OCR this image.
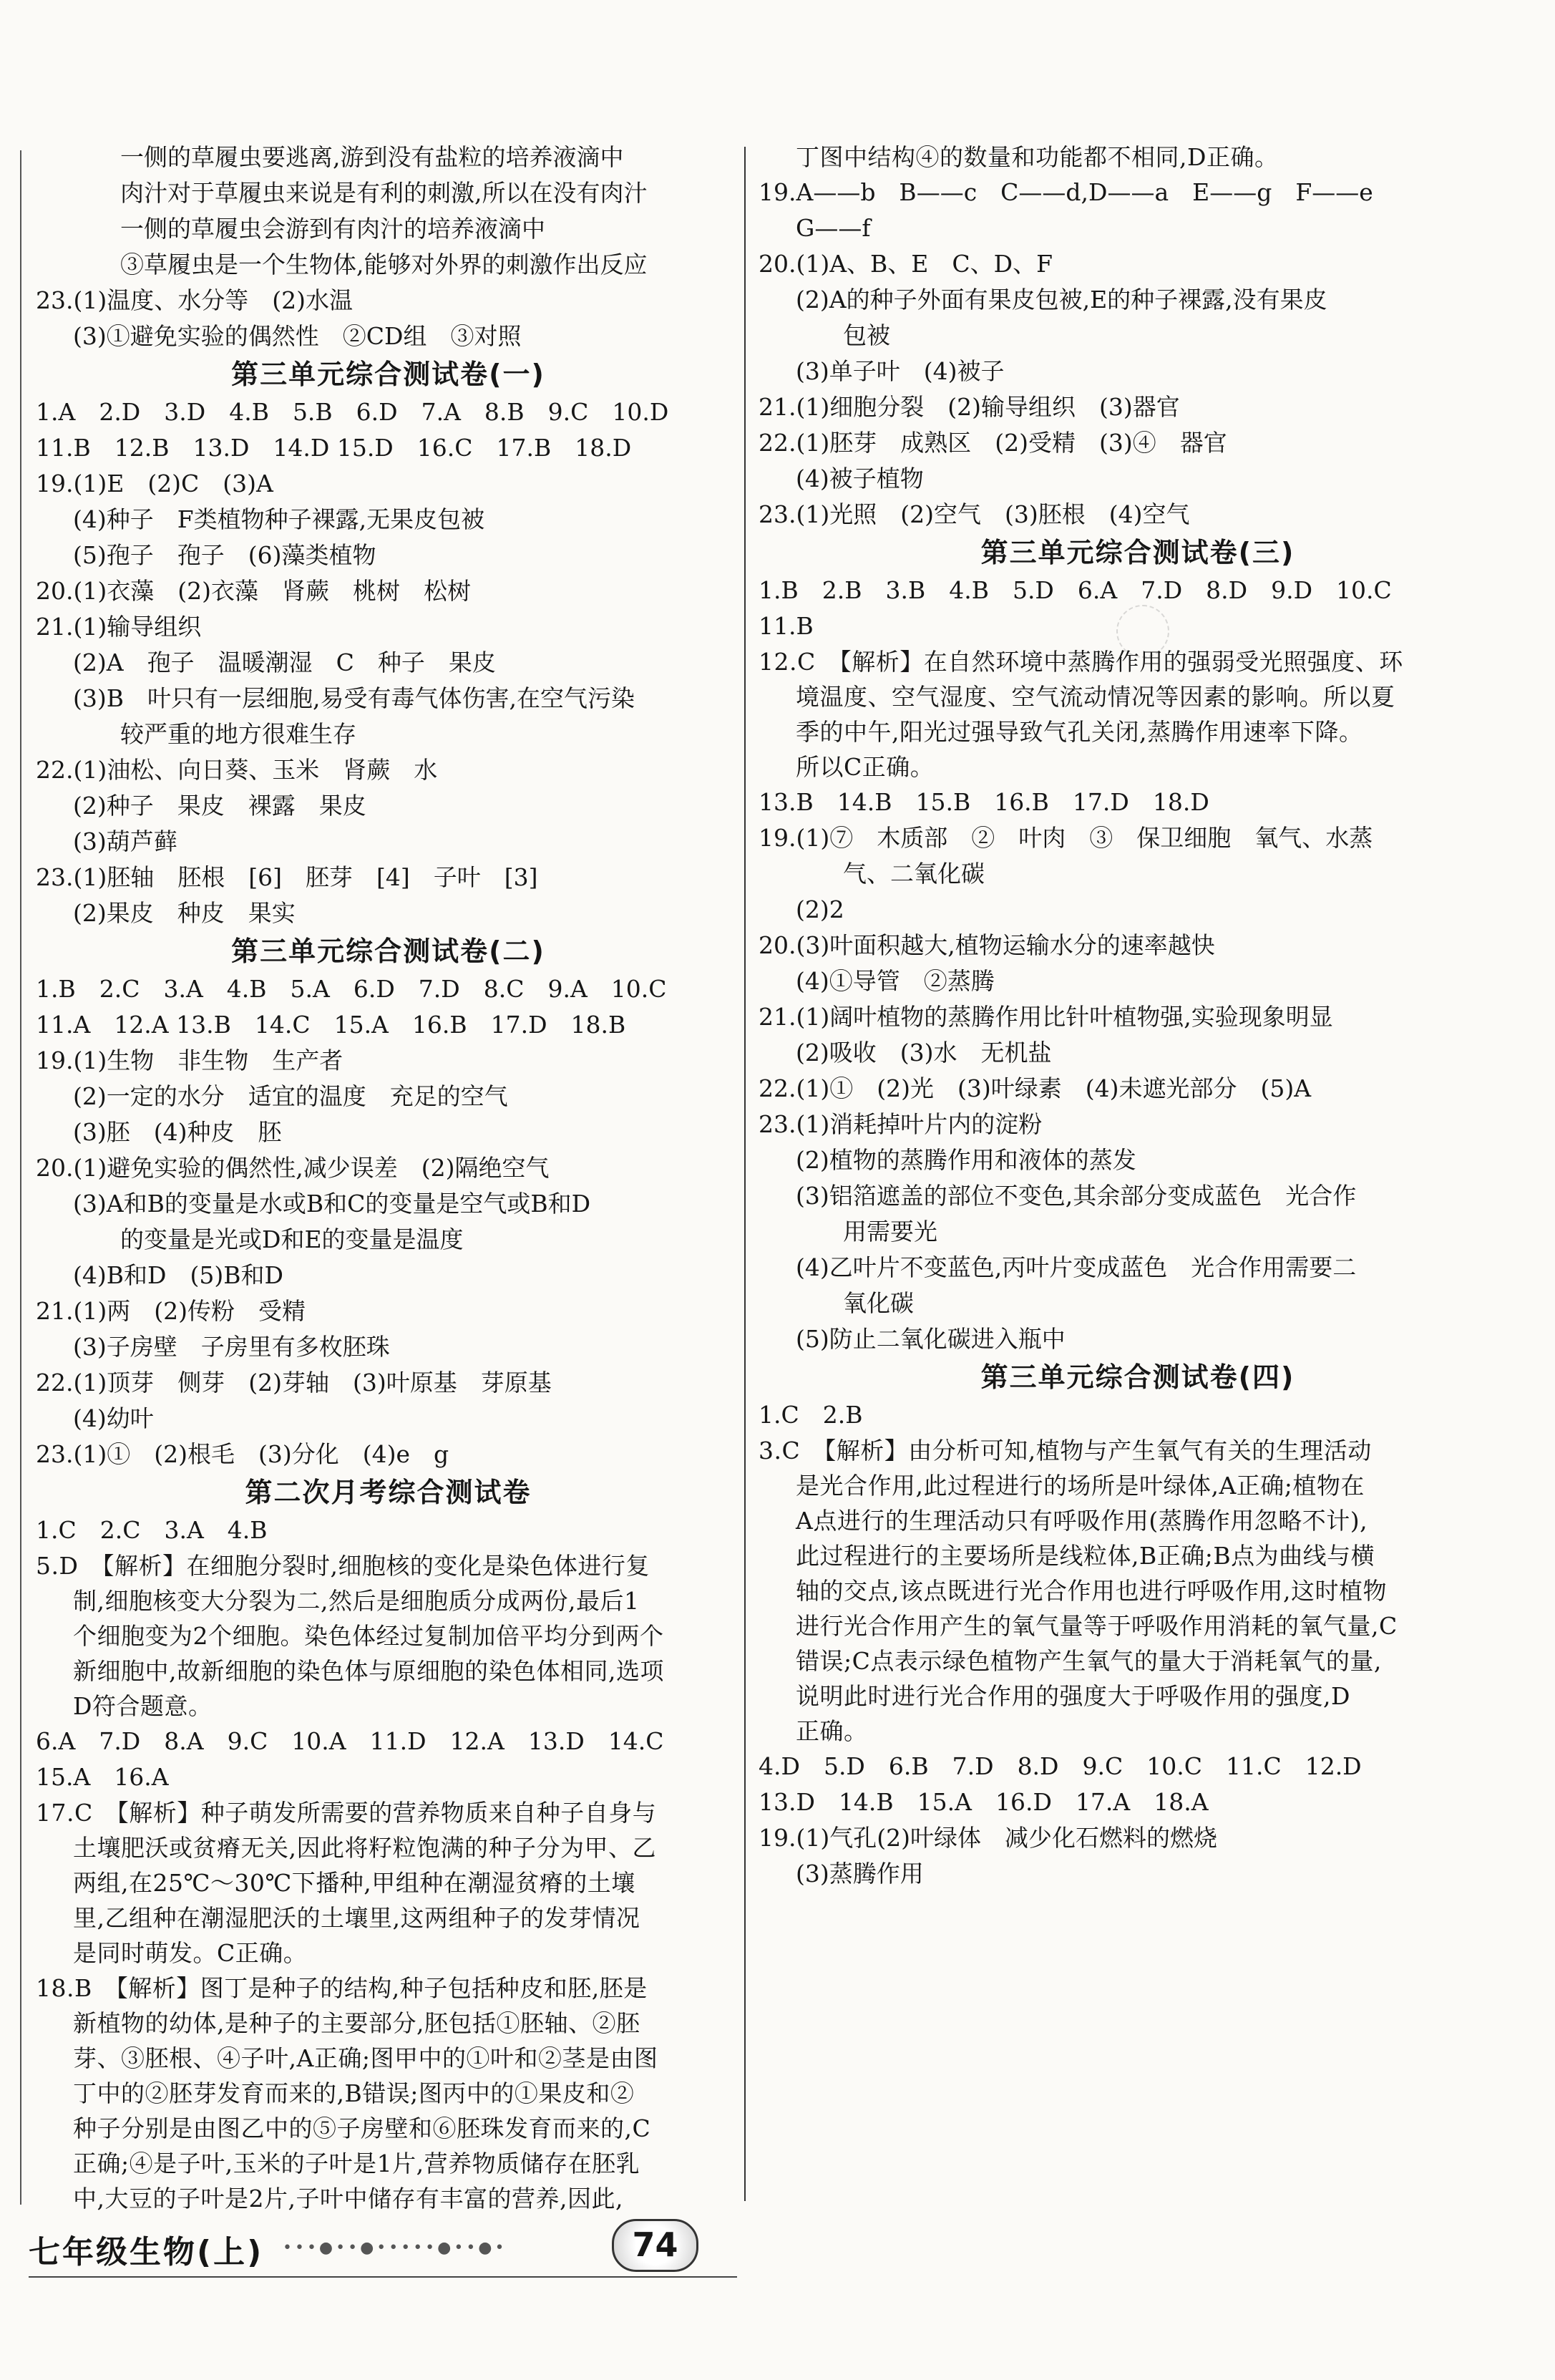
一侧的草履虫要逃离,游到没有盐粒的培养液滴中
肉汁对于草履虫来说是有利的刺激,所以在没有肉汁
一侧的草履虫会游到有肉汁的培养液滴中
③草履虫是一个生物体,能够对外界的刺激作出反应
23.(1)温度、水分等　(2)水温
(3)①避免实验的偶然性　②CD组　③对照
第三单元综合测试卷(一)
1.A　2.D　3.D　4.B　5.B　6.D　7.A　8.B　9.C　10.D
11.B　12.B　13.D　14.D 15.D　16.C　17.B　18.D
19.(1)E　(2)C　(3)A
(4)种子　F类植物种子裸露,无果皮包被
(5)孢子　孢子　(6)藻类植物
20.(1)衣藻　(2)衣藻　肾蕨　桃树　松树
21.(1)输导组织
(2)A　孢子　温暖潮湿　C　种子　果皮
(3)B　叶只有一层细胞,易受有毒气体伤害,在空气污染
较严重的地方很难生存
22.(1)油松、向日葵、玉米　肾蕨　水
(2)种子　果皮　裸露　果皮
(3)葫芦藓
23.(1)胚轴　胚根　[6]　胚芽　[4]　子叶　[3]
(2)果皮　种皮　果实
第三单元综合测试卷(二)
1.B　2.C　3.A　4.B　5.A　6.D　7.D　8.C　9.A　10.C
11.A　12.A 13.B　14.C　15.A　16.B　17.D　18.B
19.(1)生物　非生物　生产者
(2)一定的水分　适宜的温度　充足的空气
(3)胚　(4)种皮　胚
20.(1)避免实验的偶然性,减少误差　(2)隔绝空气
(3)A和B的变量是水或B和C的变量是空气或B和D
的变量是光或D和E的变量是温度
(4)B和D　(5)B和D
21.(1)两　(2)传粉　受精
(3)子房壁　子房里有多枚胚珠
22.(1)顶芽　侧芽　(2)芽轴　(3)叶原基　芽原基
(4)幼叶
23.(1)①　(2)根毛　(3)分化　(4)e　g
第二次月考综合测试卷
1.C　2.C　3.A　4.B
5.D　【解析】在细胞分裂时,细胞核的变化是染色体进行复
制,细胞核变大分裂为二,然后是细胞质分成两份,最后1
个细胞变为2个细胞。染色体经过复制加倍平均分到两个
新细胞中,故新细胞的染色体与原细胞的染色体相同,选项
D符合题意。
6.A　7.D　8.A　9.C　10.A　11.D　12.A　13.D　14.C
15.A　16.A
17.C　【解析】种子萌发所需要的营养物质来自种子自身与
土壤肥沃或贫瘠无关,因此将籽粒饱满的种子分为甲、乙
两组,在25℃～30℃下播种,甲组种在潮湿贫瘠的土壤
里,乙组种在潮湿肥沃的土壤里,这两组种子的发芽情况
是同时萌发。C正确。
18.B　【解析】图丁是种子的结构,种子包括种皮和胚,胚是
新植物的幼体,是种子的主要部分,胚包括①胚轴、②胚
芽、③胚根、④子叶,A正确;图甲中的①叶和②茎是由图
丁中的②胚芽发育而来的,B错误;图丙中的①果皮和②
种子分别是由图乙中的⑤子房壁和⑥胚珠发育而来的,C
正确;④是子叶,玉米的子叶是1片,营养物质储存在胚乳
中,大豆的子叶是2片,子叶中储存有丰富的营养,因此,
丁图中结构④的数量和功能都不相同,D正确。
19.A——b　B——c　C——d,D——a　E——g　F——e
G——f
20.(1)A、B、E　C、D、F
(2)A的种子外面有果皮包被,E的种子裸露,没有果皮
包被
(3)单子叶　(4)被子
21.(1)细胞分裂　(2)输导组织　(3)器官
22.(1)胚芽　成熟区　(2)受精　(3)④　器官
(4)被子植物
23.(1)光照　(2)空气　(3)胚根　(4)空气
第三单元综合测试卷(三)
1.B　2.B　3.B　4.B　5.D　6.A　7.D　8.D　9.D　10.C
11.B
12.C　【解析】在自然环境中蒸腾作用的强弱受光照强度、环
境温度、空气湿度、空气流动情况等因素的影响。所以夏
季的中午,阳光过强导致气孔关闭,蒸腾作用速率下降。
所以C正确。
13.B　14.B　15.B　16.B　17.D　18.D
19.(1)⑦　木质部　②　叶肉　③　保卫细胞　氧气、水蒸
气、二氧化碳
(2)2
20.(3)叶面积越大,植物运输水分的速率越快
(4)①导管　②蒸腾
21.(1)阔叶植物的蒸腾作用比针叶植物强,实验现象明显
(2)吸收　(3)水　无机盐
22.(1)①　(2)光　(3)叶绿素　(4)未遮光部分　(5)A
23.(1)消耗掉叶片内的淀粉
(2)植物的蒸腾作用和液体的蒸发
(3)铝箔遮盖的部位不变色,其余部分变成蓝色　光合作
用需要光
(4)乙叶片不变蓝色,丙叶片变成蓝色　光合作用需要二
氧化碳
(5)防止二氧化碳进入瓶中
第三单元综合测试卷(四)
1.C　2.B
3.C　【解析】由分析可知,植物与产生氧气有关的生理活动
是光合作用,此过程进行的场所是叶绿体,A正确;植物在
A点进行的生理活动只有呼吸作用(蒸腾作用忽略不计),
此过程进行的主要场所是线粒体,B正确;B点为曲线与横
轴的交点,该点既进行光合作用也进行呼吸作用,这时植物
进行光合作用产生的氧气量等于呼吸作用消耗的氧气量,C
错误;C点表示绿色植物产生氧气的量大于消耗氧气的量,
说明此时进行光合作用的强度大于呼吸作用的强度,D
正确。
4.D　5.D　6.B　7.D　8.D　9.C　10.C　11.C　12.D
13.D　14.B　15.A　16.D　17.A　18.A
19.(1)气孔(2)叶绿体　减少化石燃料的燃烧
(3)蒸腾作用
七年级生物(上) •••●••●•••••●••●•	74
